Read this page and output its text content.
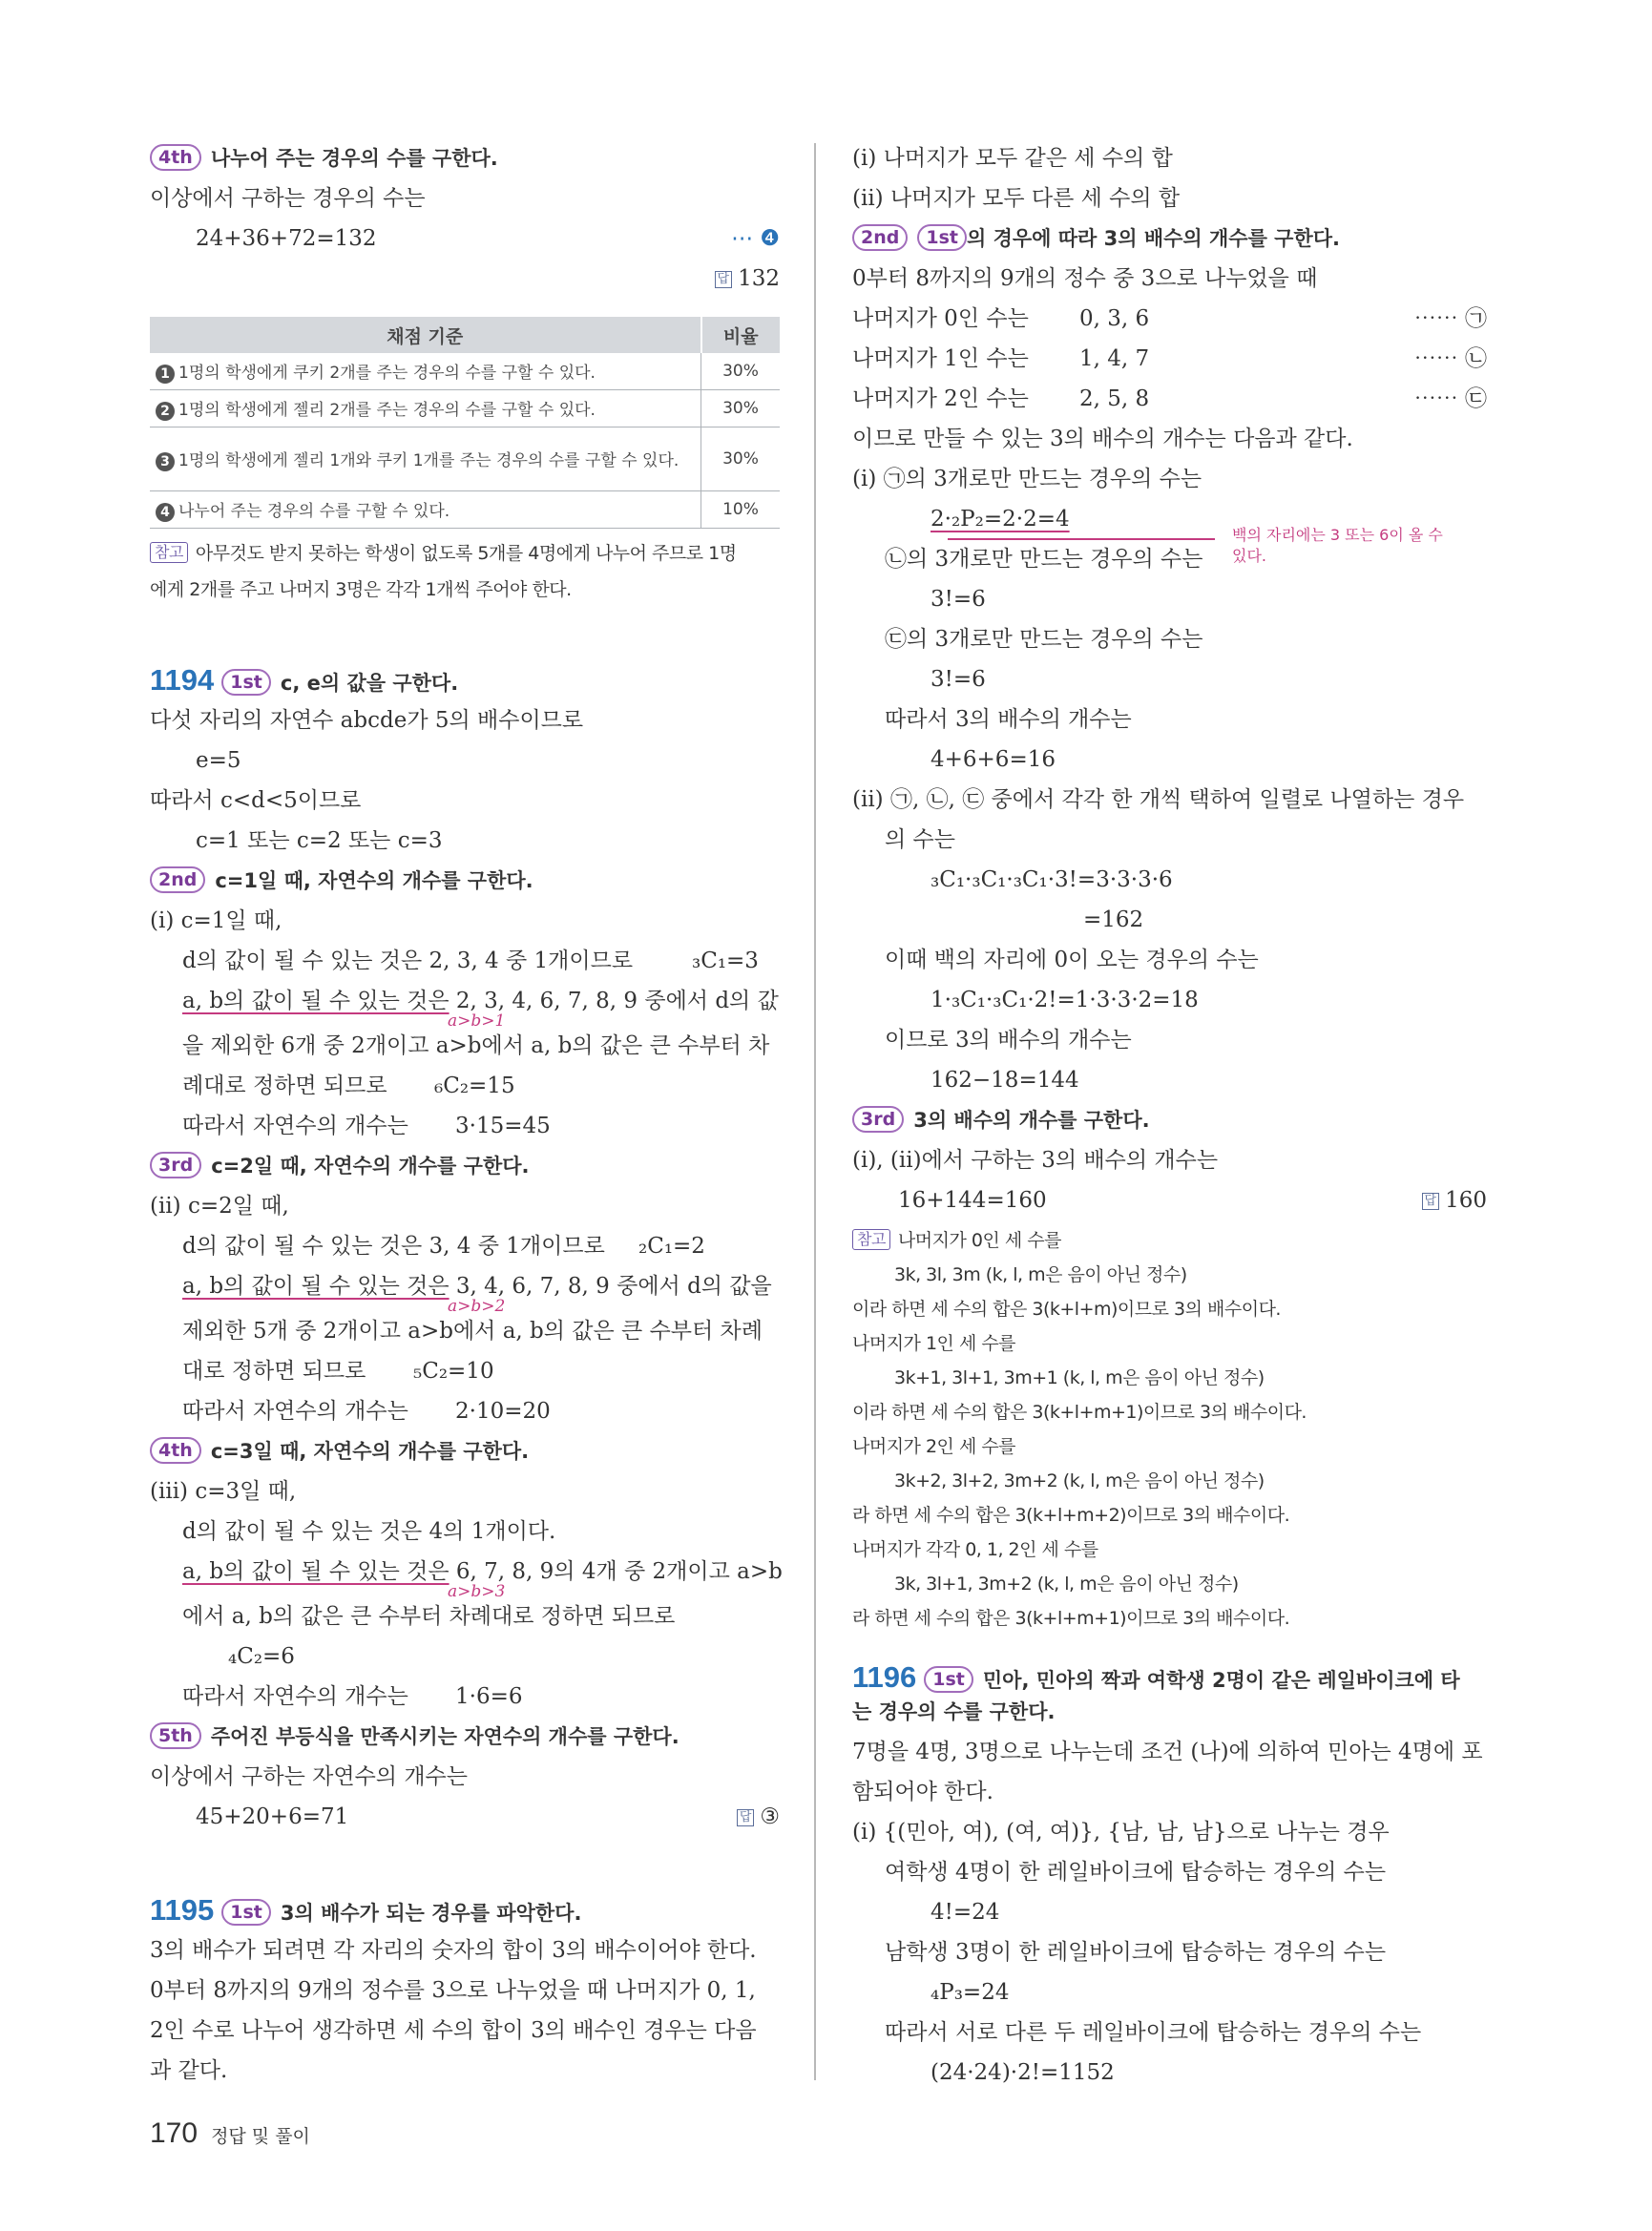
4th 나누어 주는 경우의 수를 구한다.
이상에서 구하는 경우의 수는
24+36+72=132	⋯ ❹
답 132
채점 기준	비율
1 1명의 학생에게 쿠키 2개를 주는 경우의 수를 구할 수 있다.	30%
2 1명의 학생에게 젤리 2개를 주는 경우의 수를 구할 수 있다.	30%
3 1명의 학생에게 젤리 1개와 쿠키 1개를 주는 경우의 수를 구할 수 있다.	30%
4 나누어 주는 경우의 수를 구할 수 있다.	10%
참고 아무것도 받지 못하는 학생이 없도록 5개를 4명에게 나누어 주므로 1명
에게 2개를 주고 나머지 3명은 각각 1개씩 주어야 한다.
1194 1st c, e의 값을 구한다.
다섯 자리의 자연수 abcde가 5의 배수이므로
e=5
따라서 c<d<5이므로
c=1 또는 c=2 또는 c=3
2nd c=1일 때, 자연수의 개수를 구한다.
(ⅰ) c=1일 때,
d의 값이 될 수 있는 것은 2, 3, 4 중 1개이므로	₃C₁=3
a, b의 값이 될 수 있는 것은 2, 3, 4, 6, 7, 8, 9 중에서 d의 값
a>b>1
을 제외한 6개 중 2개이고 a>b에서 a, b의 값은 큰 수부터 차
례대로 정하면 되므로 ₆C₂=15
따라서 자연수의 개수는 3·15=45
3rd c=2일 때, 자연수의 개수를 구한다.
(ⅱ) c=2일 때,
d의 값이 될 수 있는 것은 3, 4 중 1개이므로 ₂C₁=2
a, b의 값이 될 수 있는 것은 3, 4, 6, 7, 8, 9 중에서 d의 값을
a>b>2
제외한 5개 중 2개이고 a>b에서 a, b의 값은 큰 수부터 차례
대로 정하면 되므로 ₅C₂=10
따라서 자연수의 개수는 2·10=20
4th c=3일 때, 자연수의 개수를 구한다.
(ⅲ) c=3일 때,
d의 값이 될 수 있는 것은 4의 1개이다.
a, b의 값이 될 수 있는 것은 6, 7, 8, 9의 4개 중 2개이고 a>b
a>b>3
에서 a, b의 값은 큰 수부터 차례대로 정하면 되므로
₄C₂=6
따라서 자연수의 개수는 1·6=6
5th 주어진 부등식을 만족시키는 자연수의 개수를 구한다.
이상에서 구하는 자연수의 개수는
45+20+6=71	답 ③
1195 1st 3의 배수가 되는 경우를 파악한다.
3의 배수가 되려면 각 자리의 숫자의 합이 3의 배수이어야 한다.
0부터 8까지의 9개의 정수를 3으로 나누었을 때 나머지가 0, 1,
2인 수로 나누어 생각하면 세 수의 합이 3의 배수인 경우는 다음
과 같다.
(ⅰ) 나머지가 모두 같은 세 수의 합
(ⅱ) 나머지가 모두 다른 세 수의 합
2nd 1st 의 경우에 따라 3의 배수의 개수를 구한다.
0부터 8까지의 9개의 정수 중 3으로 나누었을 때
나머지가 0인 수는 0, 3, 6	⋯⋯ ㉠
나머지가 1인 수는 1, 4, 7	⋯⋯ ㉡
나머지가 2인 수는 2, 5, 8	⋯⋯ ㉢
이므로 만들 수 있는 3의 배수의 개수는 다음과 같다.
(ⅰ) ㉠의 3개로만 만드는 경우의 수는
2·₂P₂=2·2=4
백의 자리에는 3 또는 6이 올 수 있다.
㉡의 3개로만 만드는 경우의 수는
3!=6
㉢의 3개로만 만드는 경우의 수는
3!=6
따라서 3의 배수의 개수는
4+6+6=16
(ⅱ) ㉠, ㉡, ㉢ 중에서 각각 한 개씩 택하여 일렬로 나열하는 경우
의 수는
₃C₁·₃C₁·₃C₁·3!=3·3·3·6
=162
이때 백의 자리에 0이 오는 경우의 수는
1·₃C₁·₃C₁·2!=1·3·3·2=18
이므로 3의 배수의 개수는
162−18=144
3rd 3의 배수의 개수를 구한다.
(ⅰ), (ⅱ)에서 구하는 3의 배수의 개수는
16+144=160	답 160
참고 나머지가 0인 세 수를
3k, 3l, 3m (k, l, m은 음이 아닌 정수)
이라 하면 세 수의 합은 3(k+l+m)이므로 3의 배수이다.
나머지가 1인 세 수를
3k+1, 3l+1, 3m+1 (k, l, m은 음이 아닌 정수)
이라 하면 세 수의 합은 3(k+l+m+1)이므로 3의 배수이다.
나머지가 2인 세 수를
3k+2, 3l+2, 3m+2 (k, l, m은 음이 아닌 정수)
라 하면 세 수의 합은 3(k+l+m+2)이므로 3의 배수이다.
나머지가 각각 0, 1, 2인 세 수를
3k, 3l+1, 3m+2 (k, l, m은 음이 아닌 정수)
라 하면 세 수의 합은 3(k+l+m+1)이므로 3의 배수이다.
1196 1st 민아, 민아의 짝과 여학생 2명이 같은 레일바이크에 타
는 경우의 수를 구한다.
7명을 4명, 3명으로 나누는데 조건 (나)에 의하여 민아는 4명에 포
함되어야 한다.
(ⅰ) {(민아, 여), (여, 여)}, {남, 남, 남}으로 나누는 경우
여학생 4명이 한 레일바이크에 탑승하는 경우의 수는
4!=24
남학생 3명이 한 레일바이크에 탑승하는 경우의 수는
₄P₃=24
따라서 서로 다른 두 레일바이크에 탑승하는 경우의 수는
(24·24)·2!=1152
170 정답 및 풀이
